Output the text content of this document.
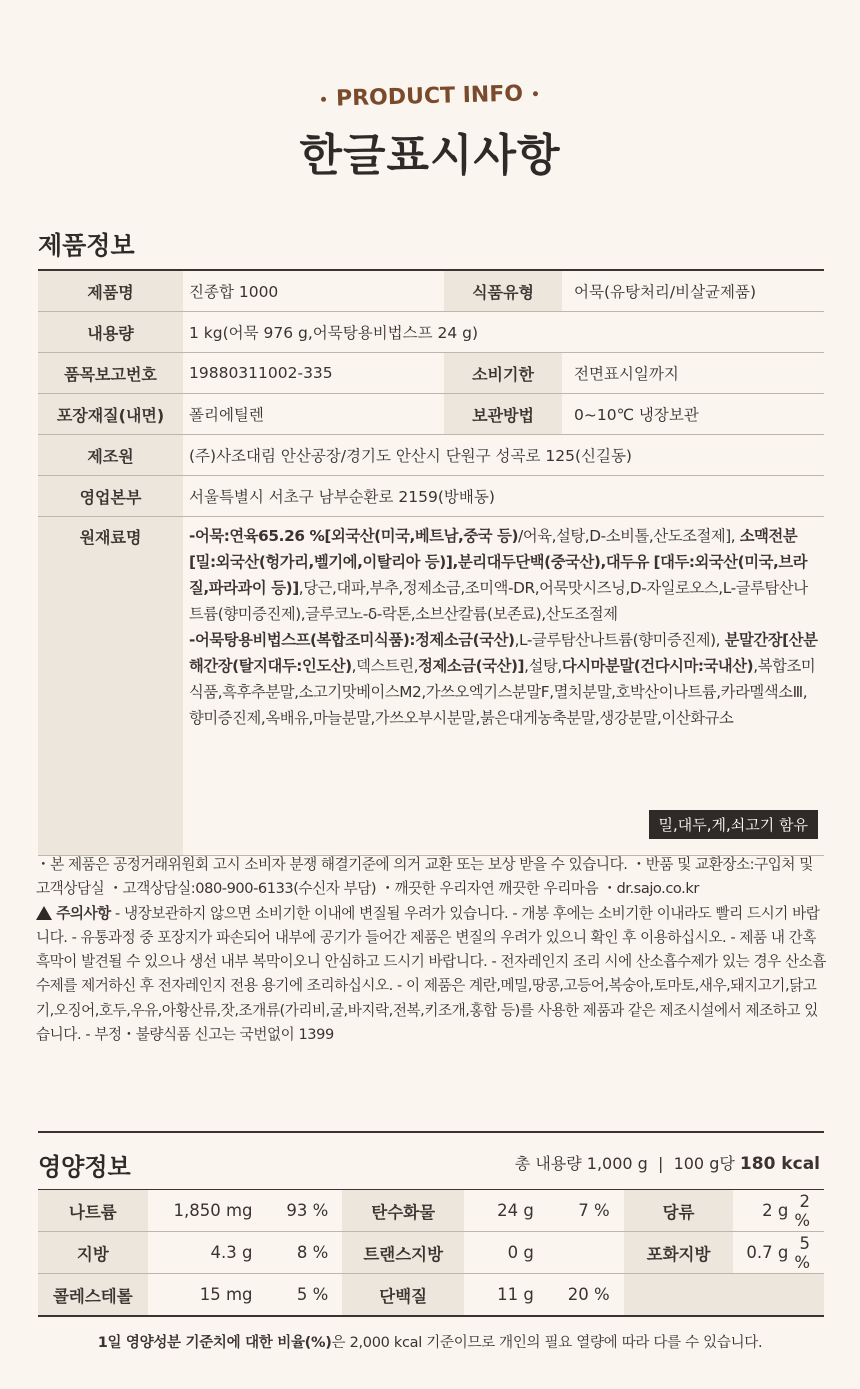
PRODUCT INFO
한글표시사항
제품정보
제품명	진종합 1000	식품유형	어묵(유탕처리/비살균제품)
내용량	1 kg(어묵 976 g,어묵탕용비법스프 24 g)		
품목보고번호	19880311002-335	소비기한	전면표시일까지
포장재질(내면)	폴리에틸렌	보관방법	0~10℃ 냉장보관
제조원	(주)사조대림 안산공장/경기도 안산시 단원구 성곡로 125(신길동)		
영업본부	서울특별시 서초구 남부순환로 2159(방배동)		
원재료명	-어묵:연육65.26 %[외국산(미국,베트남,중국 등)/어육,설탕,D-소비톨,산도조절제], 소맥전분[밀:외국산(헝가리,벨기에,이탈리아 등)],분리대두단백(중국산),대두유 [대두:외국산(미국,브라질,파라과이 등)],당근,대파,부추,정제소금,조미액-DR,어묵맛시즈닝,D-자일로오스,L-글루탐산나트륨(향미증진제),글루코노-δ-락톤,소브산칼륨(보존료),산도조절제
-어묵탕용비법스프(복합조미식품):정제소금(국산),L-글루탐산나트륨(향미증진제), 분말간장[산분해간장(탈지대두:인도산),덱스트린,정제소금(국산)],설탕,다시마분말(건다시마:국내산),복합조미식품,흑후추분말,소고기맛베이스M2,가쓰오엑기스분말F,멸치분말,호박산이나트륨,카라멜색소Ⅲ,향미증진제,옥배유,마늘분말,가쓰오부시분말,붉은대게농축분말,생강분말,이산화규소
밀,대두,게,쇠고기 함유		
・본 제품은 공정거래위원회 고시 소비자 분쟁 해결기준에 의거 교환 또는 보상 받을 수 있습니다. ・반품 및 교환장소:구입처 및 고객상담실 ・고객상담실:080-900-6133(수신자 부담) ・깨끗한 우리자연 깨끗한 우리마음 ・dr.sajo.co.kr
주의사항 - 냉장보관하지 않으면 소비기한 이내에 변질될 우려가 있습니다. - 개봉 후에는 소비기한 이내라도 빨리 드시기 바랍니다. - 유통과정 중 포장지가 파손되어 내부에 공기가 들어간 제품은 변질의 우려가 있으니 확인 후 이용하십시오. - 제품 내 간혹 흑막이 발견될 수 있으나 생선 내부 복막이오니 안심하고 드시기 바랍니다. - 전자레인지 조리 시에 산소흡수제가 있는 경우 산소흡수제를 제거하신 후 전자레인지 전용 용기에 조리하십시오. - 이 제품은 계란,메밀,땅콩,고등어,복숭아,토마토,새우,돼지고기,닭고기,오징어,호두,우유,아황산류,잣,조개류(가리비,굴,바지락,전복,키조개,홍합 등)를 사용한 제품과 같은 제조시설에서 제조하고 있습니다. - 부정・불량식품 신고는 국번없이 1399
영양정보	총 내용량 1,000 g  |  100 g당 180 kcal
나트륨	1,850 mg	93 %	탄수화물	24 g	7 %	당류	2 g	2 %
지방	4.3 g	8 %	트랜스지방	0 g		포화지방	0.7 g	5 %
콜레스테롤	15 mg	5 %	단백질	11 g	20 %			
1일 영양성분 기준치에 대한 비율(%)은 2,000 kcal 기준이므로 개인의 필요 열량에 따라 다를 수 있습니다.
